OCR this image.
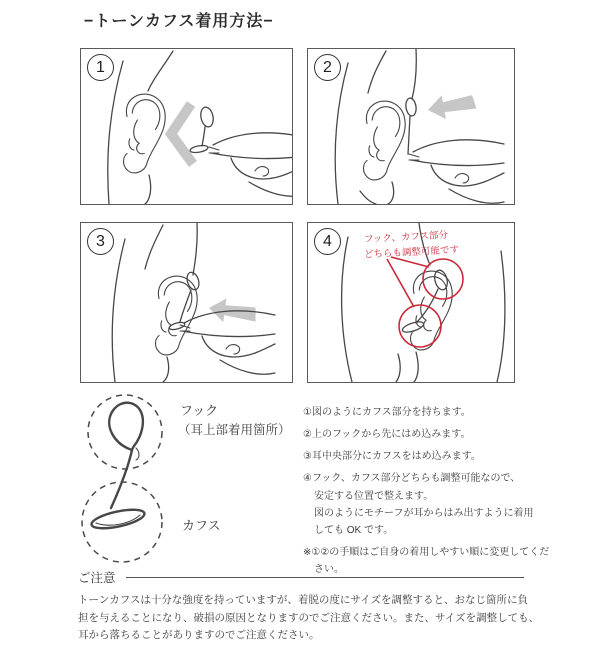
−トーンカフス着用方法−
1	2
3	4	フック、カフス部分
どちらも調整可能です
フック
（耳上部着用箇所）
カフス
①図のようにカフス部分を持ちます。
②上のフックから先にはめ込みます。
③耳中央部分にカフスをはめ込みます。
④フック、カフス部分どちらも調整可能なので、
安定する位置で整えます。
図のようにモチーフが耳からはみ出すように着用
しても OK です。
※①②の手順はご自身の着用しやすい順に変更してくだ
さい。
ご注意
トーンカフスは十分な強度を持っていますが、着脱の度にサイズを調整すると、おなじ箇所に負
担を与えることになり、破損の原因となりますのでご注意ください。また、サイズを調整しても、
耳から落ちることがありますのでご注意ください。
